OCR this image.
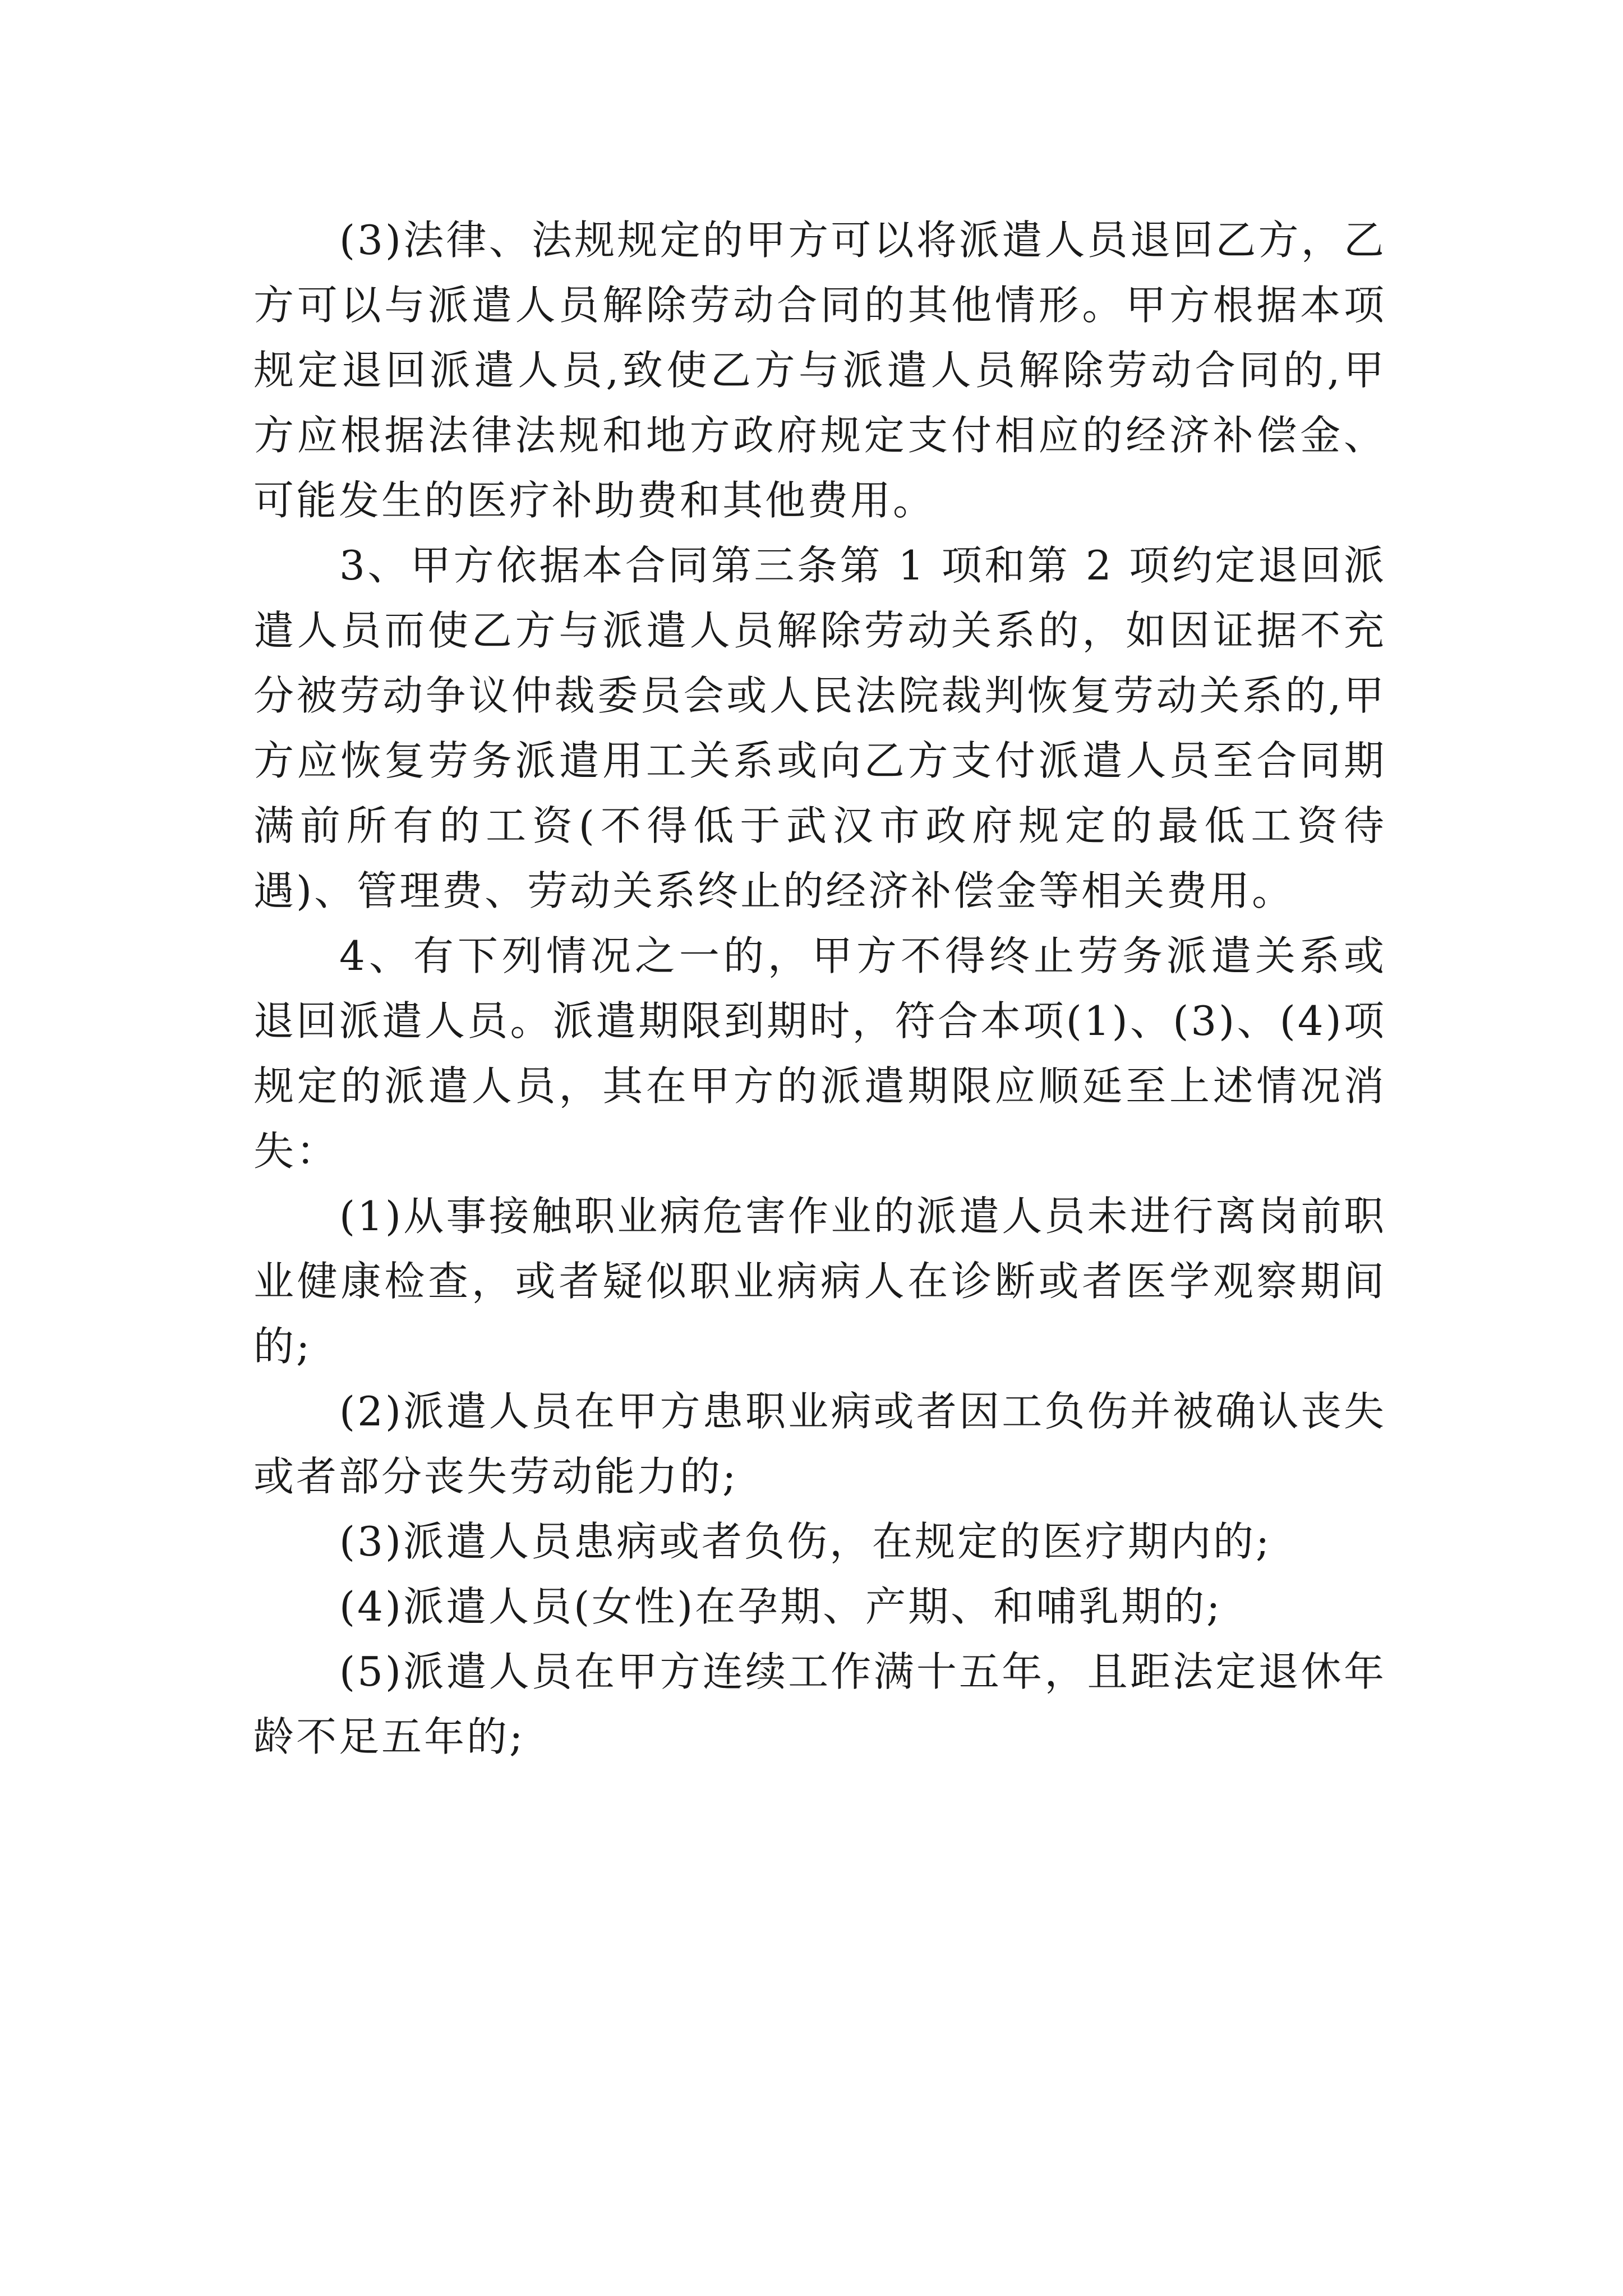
(3)法律、法规规定的甲方可以将派遣人员退回乙方，乙方可以与派遣人员解除劳动合同的其他情形。甲方根据本项规定退回派遣人员,致使乙方与派遣人员解除劳动合同的,甲方应根据法律法规和地方政府规定支付相应的经济补偿金、可能发生的医疗补助费和其他费用。

3、甲方依据本合同第三条第 1 项和第 2 项约定退回派遣人员而使乙方与派遣人员解除劳动关系的，如因证据不充分被劳动争议仲裁委员会或人民法院裁判恢复劳动关系的,甲方应恢复劳务派遣用工关系或向乙方支付派遣人员至合同期满前所有的工资(不得低于武汉市政府规定的最低工资待遇)、管理费、劳动关系终止的经济补偿金等相关费用。

4、有下列情况之一的，甲方不得终止劳务派遣关系或退回派遣人员。派遣期限到期时，符合本项(1)、(3)、(4)项规定的派遣人员，其在甲方的派遣期限应顺延至上述情况消失：

(1)从事接触职业病危害作业的派遣人员未进行离岗前职业健康检查，或者疑似职业病病人在诊断或者医学观察期间的;

(2)派遣人员在甲方患职业病或者因工负伤并被确认丧失或者部分丧失劳动能力的;

(3)派遣人员患病或者负伤，在规定的医疗期内的;

(4)派遣人员(女性)在孕期、产期、和哺乳期的;

(5)派遣人员在甲方连续工作满十五年，且距法定退休年龄不足五年的;
